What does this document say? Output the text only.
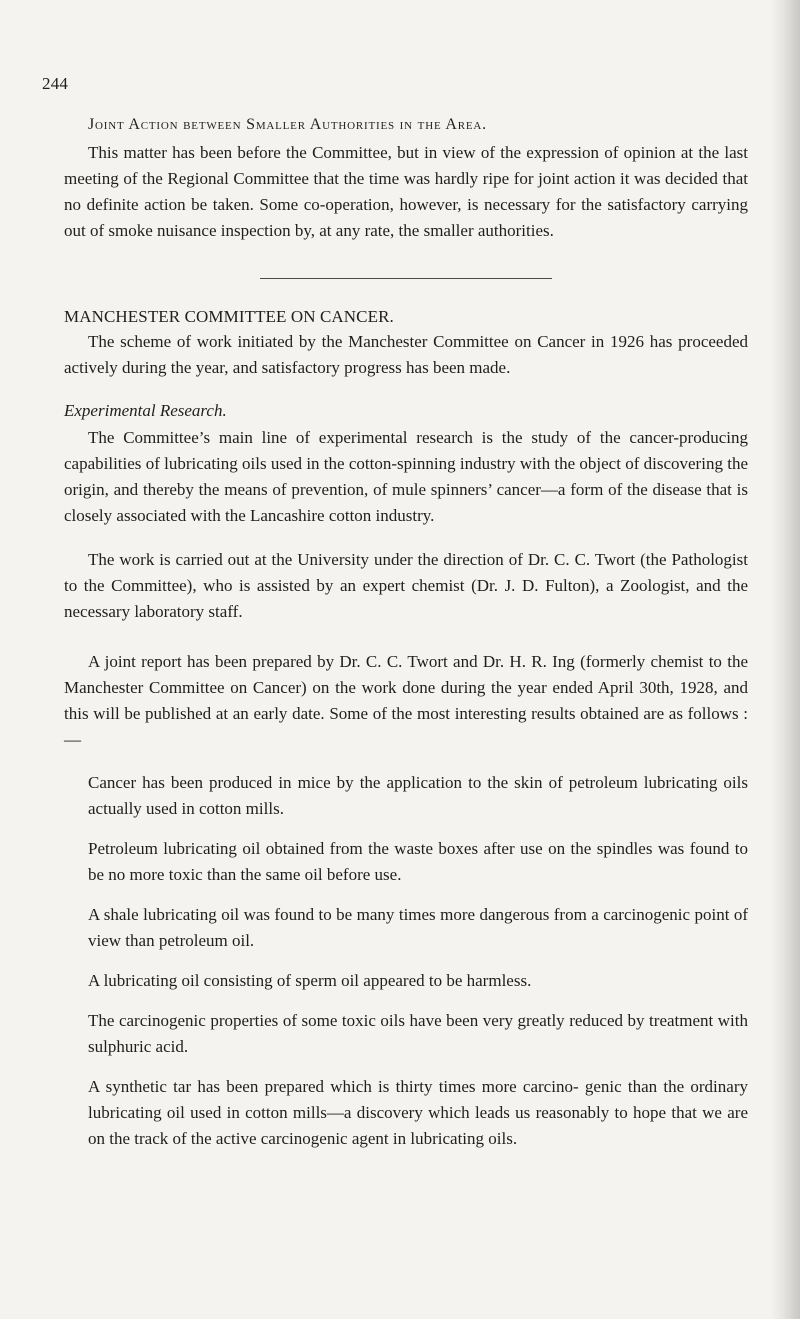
244
Joint Action between Smaller Authorities in the Area.

This matter has been before the Committee, but in view of the expression of opinion at the last meeting of the Regional Committee that the time was hardly ripe for joint action it was decided that no definite action be taken. Some co-operation, however, is necessary for the satisfactory carrying out of smoke nuisance inspection by, at any rate, the smaller authorities.

MANCHESTER COMMITTEE ON CANCER.

The scheme of work initiated by the Manchester Committee on Cancer in 1926 has proceeded actively during the year, and satisfactory progress has been made.

Experimental Research.

The Committee’s main line of experimental research is the study of the cancer-producing capabilities of lubricating oils used in the cotton-spinning industry with the object of discovering the origin, and thereby the means of prevention, of mule spinners’ cancer—a form of the disease that is closely associated with the Lancashire cotton industry.

The work is carried out at the University under the direction of Dr. C. C. Twort (the Pathologist to the Committee), who is assisted by an expert chemist (Dr. J. D. Fulton), a Zoologist, and the necessary laboratory staff.

A joint report has been prepared by Dr. C. C. Twort and Dr. H. R. Ing (formerly chemist to the Manchester Committee on Cancer) on the work done during the year ended April 30th, 1928, and this will be published at an early date. Some of the most interesting results obtained are as follows :—

Cancer has been produced in mice by the application to the skin of petroleum lubricating oils actually used in cotton mills.

Petroleum lubricating oil obtained from the waste boxes after use on the spindles was found to be no more toxic than the same oil before use.

A shale lubricating oil was found to be many times more dangerous from a carcinogenic point of view than petroleum oil.

A lubricating oil consisting of sperm oil appeared to be harmless.

The carcinogenic properties of some toxic oils have been very greatly reduced by treatment with sulphuric acid.

A synthetic tar has been prepared which is thirty times more carcino- genic than the ordinary lubricating oil used in cotton mills—a discovery which leads us reasonably to hope that we are on the track of the active carcinogenic agent in lubricating oils.
